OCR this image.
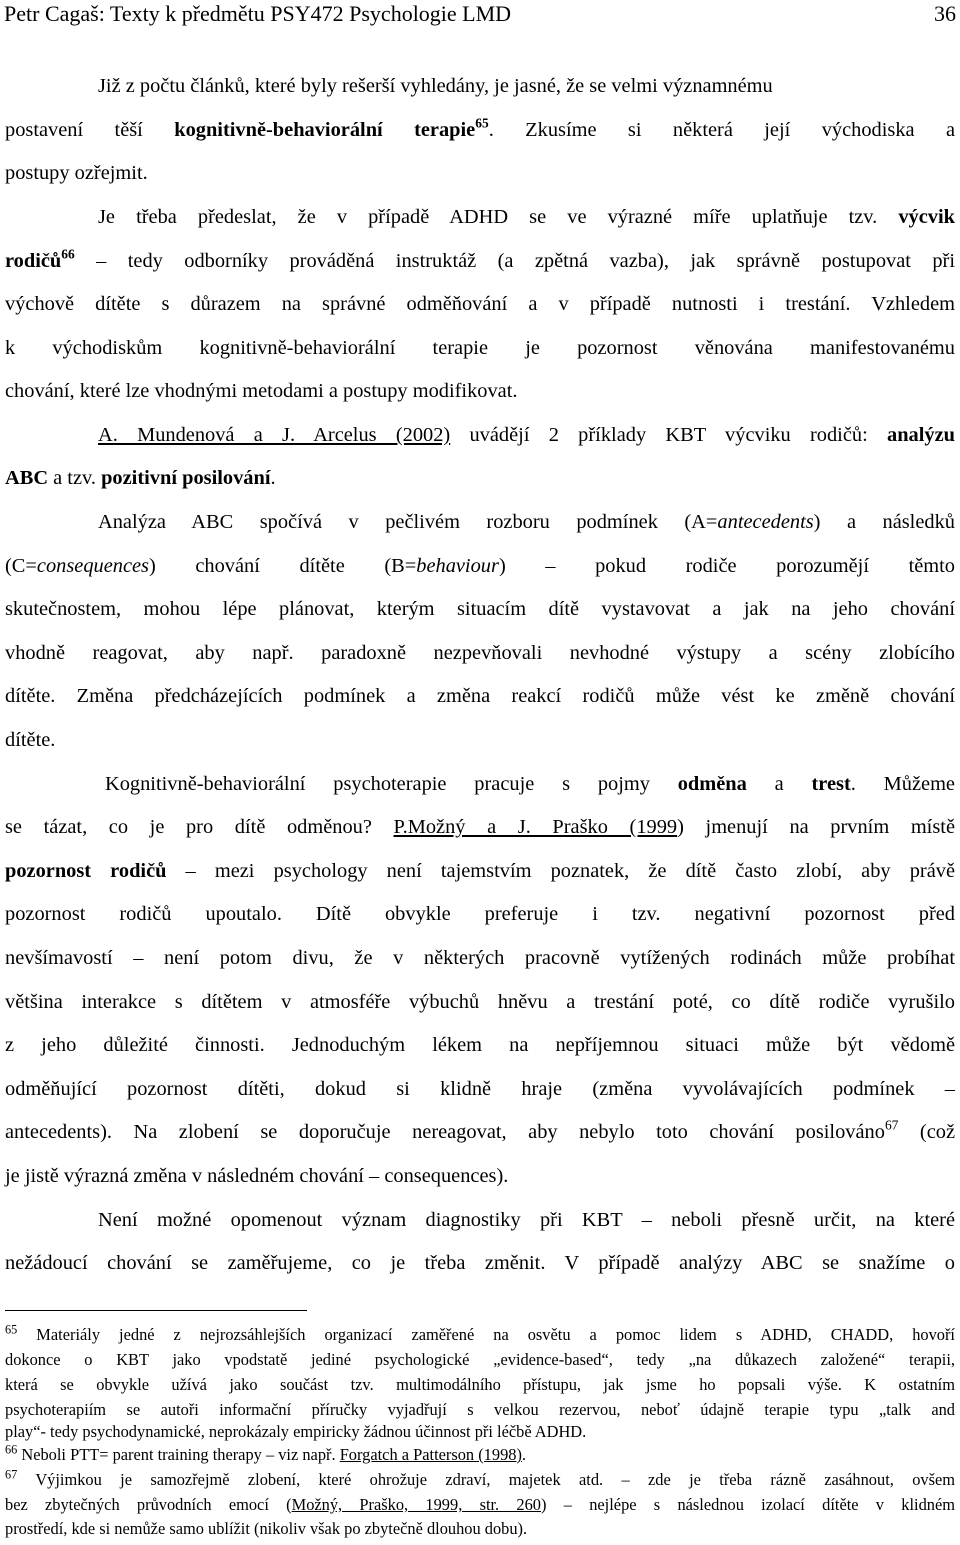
Petr Cagaš: Texty k předmětu PSY472 Psychologie LMD	36
Již z počtu článků, které byly rešerší vyhledány, je jasné, že se velmi významnému
postavení těší kognitivně-behaviorální terapie$^{65}$. Zkusíme si některá její východiska a
postupy ozřejmit.
Je třeba předeslat, že v případě ADHD se ve výrazné míře uplatňuje tzv. výcvik
rodičů$^{66}$ – tedy odborníky prováděná instruktáž (a zpětná vazba), jak správně postupovat při
výchově dítěte s důrazem na správné odměňování a v případě nutnosti i trestání. Vzhledem
k východiskům kognitivně-behaviorální terapie je pozornost věnována manifestovanému
chování, které lze vhodnými metodami a postupy modifikovat.
A. Mundenová a J. Arcelus (2002) uvádějí 2 příklady KBT výcviku rodičů: analýzu
ABC a tzv. pozitivní posilování.
Analýza ABC spočívá v pečlivém rozboru podmínek (A=antecedents) a následků
(C=consequences) chování dítěte (B=behaviour) – pokud rodiče porozumějí těmto
skutečnostem, mohou lépe plánovat, kterým situacím dítě vystavovat a jak na jeho chování
vhodně reagovat, aby např. paradoxně nezpevňovali nevhodné výstupy a scény zlobícího
dítěte. Změna předcházejících podmínek a změna reakcí rodičů může vést ke změně chování
dítěte.
Kognitivně-behaviorální psychoterapie pracuje s pojmy odměna a trest. Můžeme
se tázat, co je pro dítě odměnou? P.Možný a J. Praško (1999) jmenují na prvním místě
pozornost rodičů – mezi psychology není tajemstvím poznatek, že dítě často zlobí, aby právě
pozornost rodičů upoutalo. Dítě obvykle preferuje i tzv. negativní pozornost před
nevšímavostí – není potom divu, že v některých pracovně vytížených rodinách může probíhat
většina interakce s dítětem v atmosféře výbuchů hněvu a trestání poté, co dítě rodiče vyrušilo
z jeho důležité činnosti. Jednoduchým lékem na nepříjemnou situaci může být vědomě
odměňující pozornost dítěti, dokud si klidně hraje (změna vyvolávajících podmínek –
antecedents). Na zlobení se doporučuje nereagovat, aby nebylo toto chování posilováno$^{67}$ (což
je jistě výrazná změna v následném chování – consequences).
Není možné opomenout význam diagnostiky při KBT – neboli přesně určit, na které
nežádoucí chování se zaměřujeme, co je třeba změnit. V případě analýzy ABC se snažíme o
$^{65}$ Materiály jedné z nejrozsáhlejších organizací zaměřené na osvětu a pomoc lidem s ADHD, CHADD, hovoří
dokonce o KBT jako vpodstatě jediné psychologické „evidence-based“, tedy „na důkazech založené“ terapii,
která se obvykle užívá jako součást tzv. multimodálního přístupu, jak jsme ho popsali výše. K ostatním
psychoterapiím se autoři informační příručky vyjadřují s velkou rezervou, neboť údajně terapie typu „talk and
play“- tedy psychodynamické, neprokázaly empiricky žádnou účinnost při léčbě ADHD.
$^{66}$ Neboli PTT= parent training therapy – viz např. Forgatch a Patterson (1998).
$^{67}$ Výjimkou je samozřejmě zlobení, které ohrožuje zdraví, majetek atd. – zde je třeba rázně zasáhnout, ovšem
bez zbytečných průvodních emocí (Možný, Praško, 1999, str. 260) – nejlépe s následnou izolací dítěte v klidném
prostředí, kde si nemůže samo ublížit (nikoliv však po zbytečně dlouhou dobu).
